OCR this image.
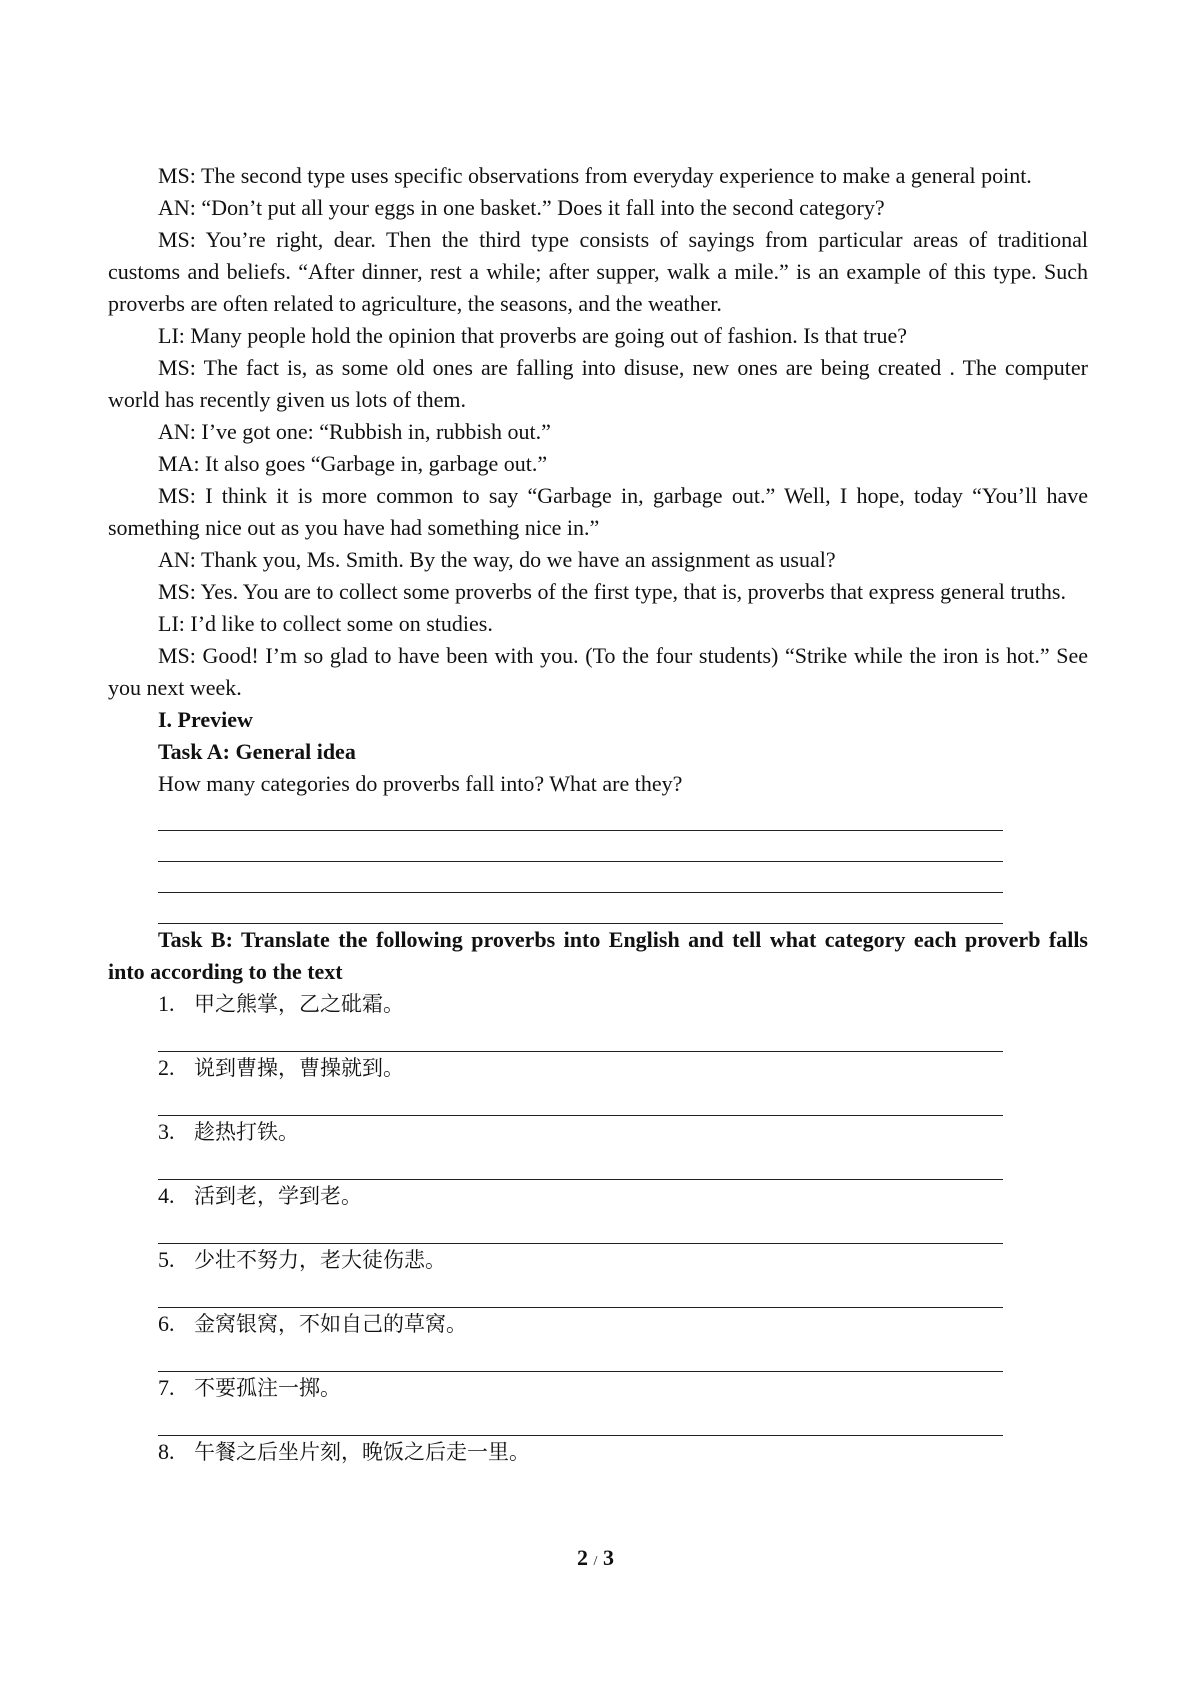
MS: The second type uses specific observations from everyday experience to make a general point.

AN: “Don’t put all your eggs in one basket.” Does it fall into the second category?

MS: You’re right, dear. Then the third type consists of sayings from particular areas of traditional customs and beliefs. “After dinner, rest a while; after supper, walk a mile.” is an example of this type. Such proverbs are often related to agriculture, the seasons, and the weather.

LI: Many people hold the opinion that proverbs are going out of fashion. Is that true?

MS: The fact is, as some old ones are falling into disuse, new ones are being created . The computer world has recently given us lots of them.

AN: I’ve got one: “Rubbish in, rubbish out.”

MA: It also goes “Garbage in, garbage out.”

MS: I think it is more common to say “Garbage in, garbage out.” Well, I hope, today “You’ll have something nice out as you have had something nice in.”

AN: Thank you, Ms. Smith. By the way, do we have an assignment as usual?

MS: Yes. You are to collect some proverbs of the first type, that is, proverbs that express general truths.

LI: I’d like to collect some on studies.

MS: Good! I’m so glad to have been with you. (To the four students) “Strike while the iron is hot.” See you next week.

I. Preview

Task A: General idea

How many categories do proverbs fall into? What are they?

Task B: Translate the following proverbs into English and tell what category each proverb falls into according to the text

1. 甲之熊掌，乙之砒霜。
2. 说到曹操，曹操就到。
3. 趁热打铁。
4. 活到老，学到老。
5. 少壮不努力，老大徒伤悲。
6. 金窝银窝，不如自己的草窝。
7. 不要孤注一掷。
8. 午餐之后坐片刻，晚饭之后走一里。
2 / 3
